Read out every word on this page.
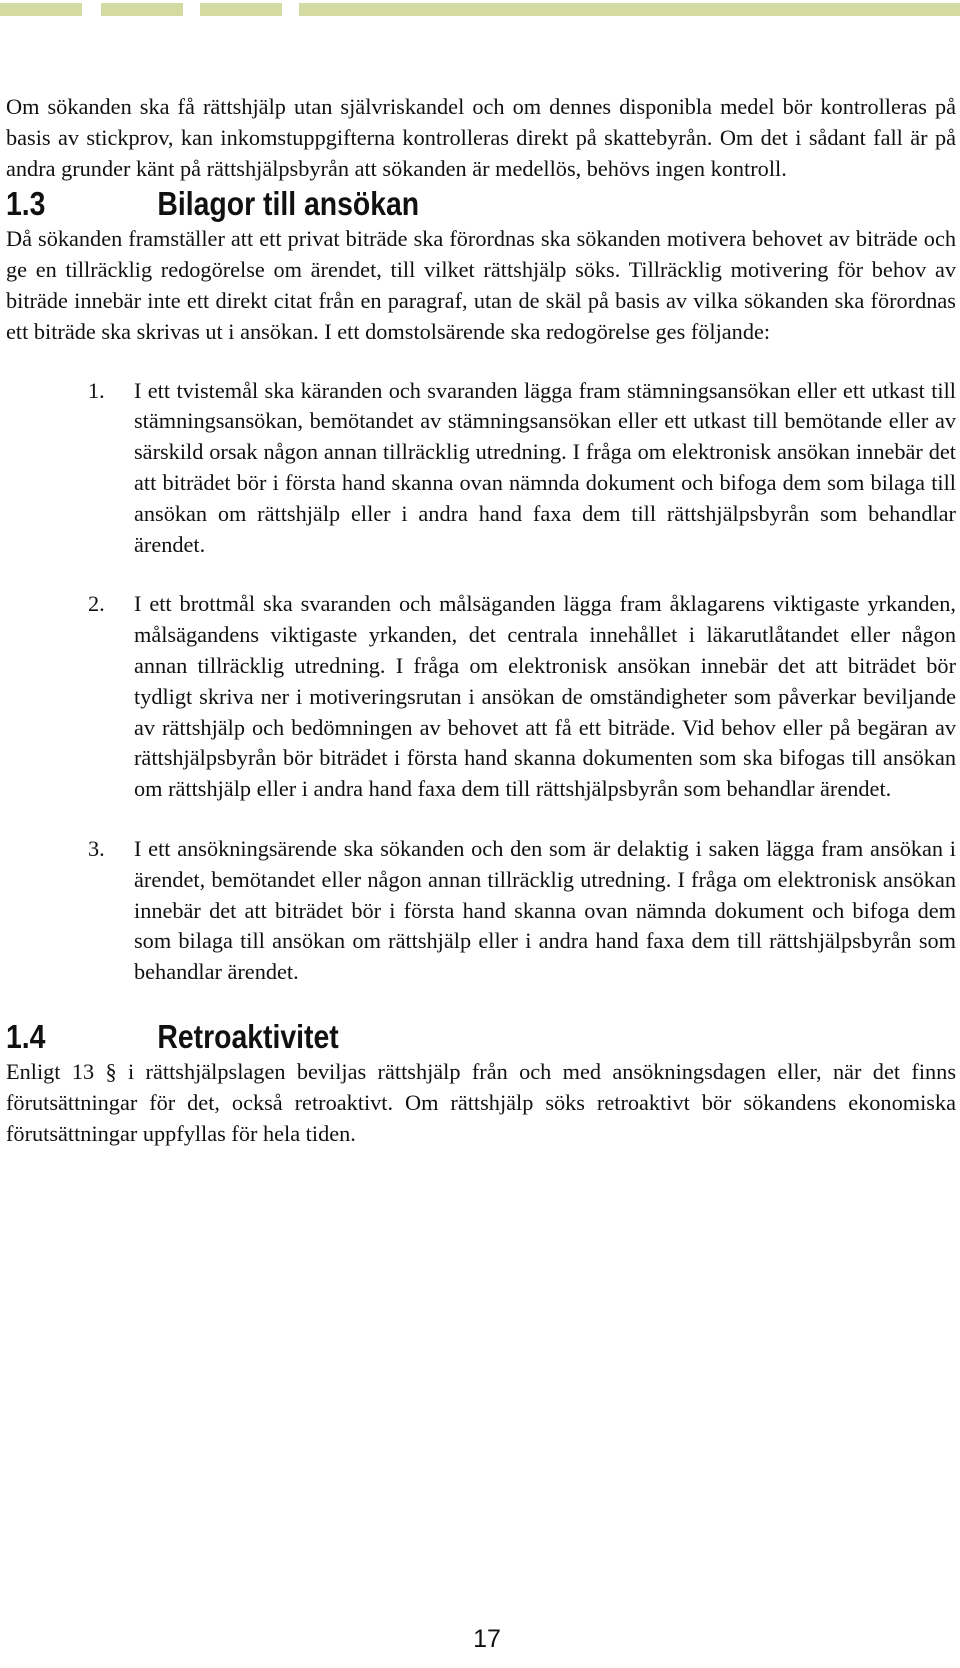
Om sökanden ska få rättshjälp utan självriskandel och om dennes disponibla medel bör kontrolleras på basis av stickprov, kan inkomstuppgifterna kontrolleras direkt på skattebyrån. Om det i sådant fall är på andra grunder känt på rättshjälpsbyrån att sökanden är medellös, behövs ingen kontroll.

1.3	Bilagor till ansökan

Då sökanden framställer att ett privat biträde ska förordnas ska sökanden motivera behovet av biträde och ge en tillräcklig redogörelse om ärendet, till vilket rättshjälp söks. Tillräcklig motivering för behov av biträde innebär inte ett direkt citat från en paragraf, utan de skäl på basis av vilka sökanden ska förordnas ett biträde ska skrivas ut i ansökan. I ett domstolsärende ska redogörelse ges följande:

1.	I ett tvistemål ska käranden och svaranden lägga fram stämningsansökan eller ett utkast till stämningsansökan, bemötandet av stämningsansökan eller ett utkast till bemötande eller av särskild orsak någon annan tillräcklig utredning. I fråga om elektronisk ansökan innebär det att biträdet bör i första hand skanna ovan nämnda dokument och bifoga dem som bilaga till ansökan om rättshjälp eller i andra hand faxa dem till rättshjälpsbyrån som behandlar ärendet.

2.	I ett brottmål ska svaranden och målsäganden lägga fram åklagarens viktigaste yrkanden, målsägandens viktigaste yrkanden, det centrala innehållet i läkarutlåtandet eller någon annan tillräcklig utredning. I fråga om elektronisk ansökan innebär det att biträdet bör tydligt skriva ner i motiveringsrutan i ansökan de omständigheter som påverkar beviljande av rättshjälp och bedömningen av behovet att få ett biträde. Vid behov eller på begäran av rättshjälpsbyrån bör biträdet i första hand skanna dokumenten som ska bifogas till ansökan om rättshjälp eller i andra hand faxa dem till rättshjälpsbyrån som behandlar ärendet.

3.	I ett ansökningsärende ska sökanden och den som är delaktig i saken lägga fram ansökan i ärendet, bemötandet eller någon annan tillräcklig utredning. I fråga om elektronisk ansökan innebär det att biträdet bör i första hand skanna ovan nämnda dokument och bifoga dem som bilaga till ansökan om rättshjälp eller i andra hand faxa dem till rättshjälpsbyrån som behandlar ärendet.

1.4	Retroaktivitet

Enligt 13 § i rättshjälpslagen beviljas rättshjälp från och med ansökningsdagen eller, när det finns förutsättningar för det, också retroaktivt. Om rättshjälp söks retroaktivt bör sökandens ekonomiska förutsättningar uppfyllas för hela tiden.

17
